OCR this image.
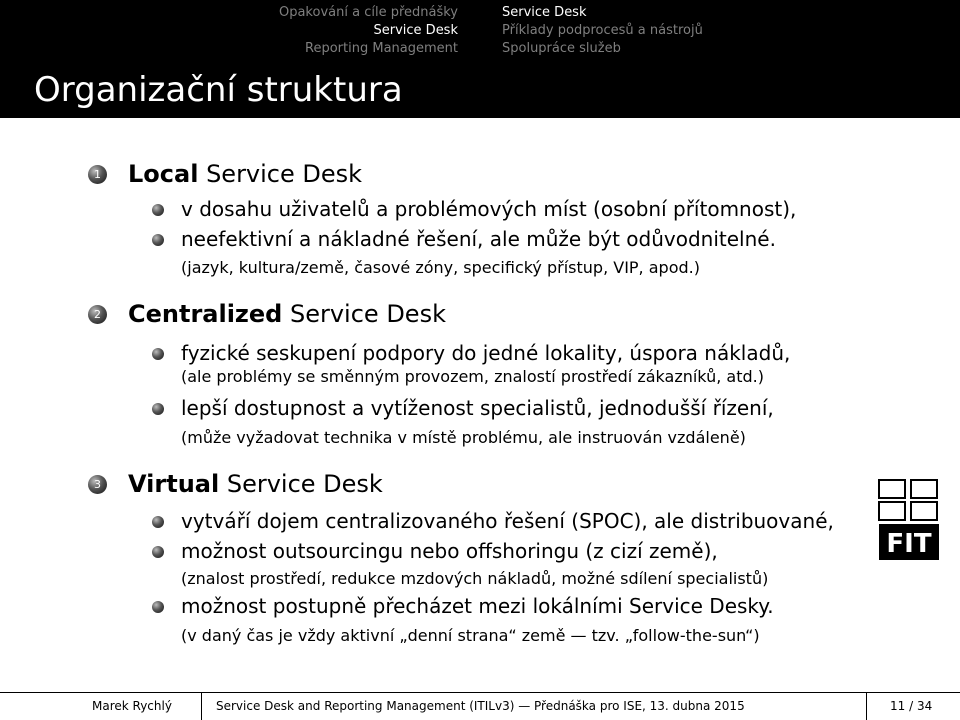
Opakování a cíle přednášky
Service Desk
Reporting Management
Service Desk
Příklady podprocesů a nástrojů
Spolupráce služeb
Organizační struktura
1 Local Service Desk
v dosahu uživatelů a problémových míst (osobní přítomnost),
neefektivní a nákladné řešení, ale může být odůvodnitelné.
(jazyk, kultura/země, časové zóny, specifický přístup, VIP, apod.)
2 Centralized Service Desk
fyzické seskupení podpory do jedné lokality, úspora nákladů,
(ale problémy se směnným provozem, znalostí prostředí zákazníků, atd.)
lepší dostupnost a vytíženost specialistů, jednodušší řízení,
(může vyžadovat technika v místě problému, ale instruován vzdáleně)
3 Virtual Service Desk
vytváří dojem centralizovaného řešení (SPOC), ale distribuované,
možnost outsourcingu nebo offshoringu (z cizí země),
(znalost prostředí, redukce mzdových nákladů, možné sdílení specialistů)
možnost postupně přecházet mezi lokálními Service Desky.
(v daný čas je vždy aktivní „denní strana“ země — tzv. „follow-the-sun“)
FIT
Marek Rychlý	Service Desk and Reporting Management (ITILv3) — Přednáška pro ISE, 13. dubna 2015	11 / 34
